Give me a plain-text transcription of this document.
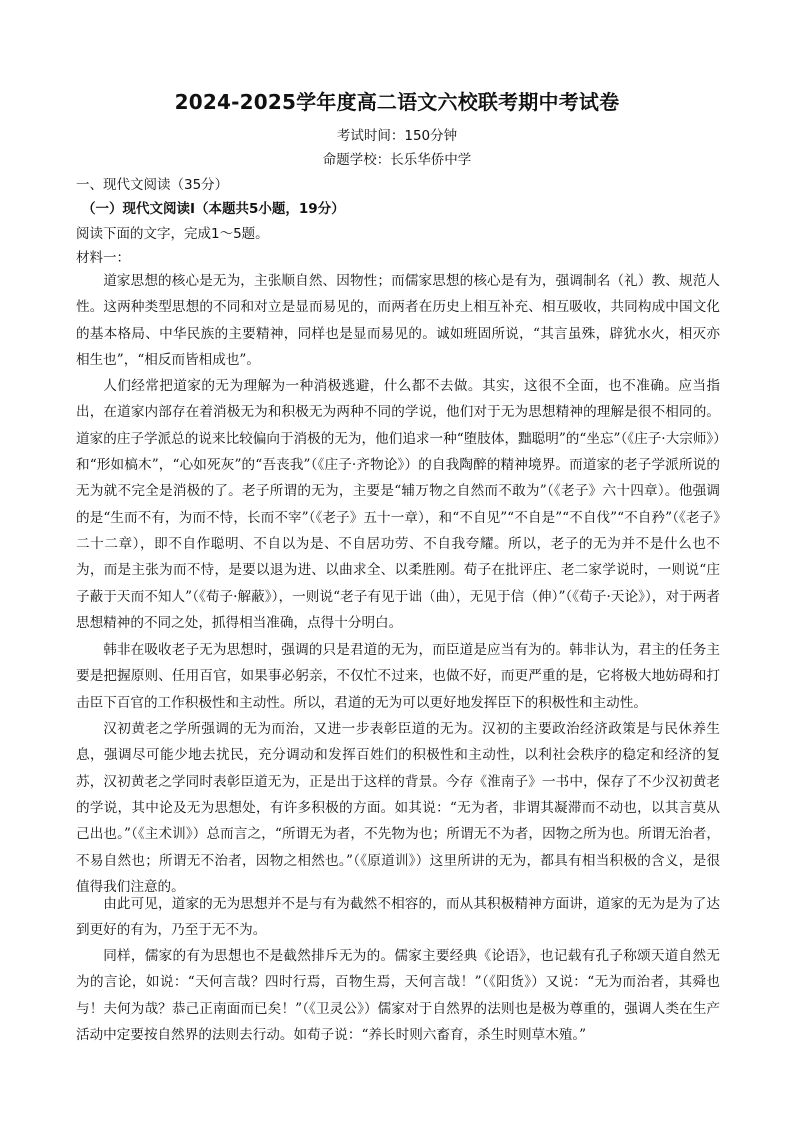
2024-2025学年度高二语文六校联考期中考试卷
考试时间：150分钟
命题学校：长乐华侨中学
一、现代文阅读（35分）
（一）现代文阅读Ⅰ（本题共5小题，19分）
阅读下面的文字，完成1～5题。
材料一：
道家思想的核心是无为，主张顺自然、因物性；而儒家思想的核心是有为，强调制名（礼）教、规范人性。这两种类型思想的不同和对立是显而易见的，而两者在历史上相互补充、相互吸收，共同构成中国文化的基本格局、中华民族的主要精神，同样也是显而易见的。诚如班固所说，“其言虽殊，辟犹水火，相灭亦相生也”，“相反而皆相成也”。
人们经常把道家的无为理解为一种消极逃避，什么都不去做。其实，这很不全面，也不准确。应当指出，在道家内部存在着消极无为和积极无为两种不同的学说，他们对于无为思想精神的理解是很不相同的。道家的庄子学派总的说来比较偏向于消极的无为，他们追求一种“堕肢体，黜聪明”的“坐忘”（《庄子·大宗师》）和“形如槁木”，“心如死灰”的“吾丧我”（《庄子·齐物论》）的自我陶醉的精神境界。而道家的老子学派所说的无为就不完全是消极的了。老子所谓的无为，主要是“辅万物之自然而不敢为”（《老子》六十四章）。他强调的是“生而不有，为而不恃，长而不宰”（《老子》五十一章），和“不自见”“不自是”“不自伐”“不自矜”（《老子》二十二章），即不自作聪明、不自以为是、不自居功劳、不自我夸耀。所以，老子的无为并不是什么也不为，而是主张为而不恃，是要以退为进、以曲求全、以柔胜刚。荀子在批评庄、老二家学说时，一则说“庄子蔽于天而不知人”（《荀子·解蔽》），一则说“老子有见于诎（曲），无见于信（伸）”（《荀子·天论》），对于两者思想精神的不同之处，抓得相当准确，点得十分明白。
韩非在吸收老子无为思想时，强调的只是君道的无为，而臣道是应当有为的。韩非认为，君主的任务主要是把握原则、任用百官，如果事必躬亲，不仅忙不过来，也做不好，而更严重的是，它将极大地妨碍和打击臣下百官的工作积极性和主动性。所以，君道的无为可以更好地发挥臣下的积极性和主动性。
汉初黄老之学所强调的无为而治，又进一步表彰臣道的无为。汉初的主要政治经济政策是与民休养生息，强调尽可能少地去扰民，充分调动和发挥百姓们的积极性和主动性，以利社会秩序的稳定和经济的复苏，汉初黄老之学同时表彰臣道无为，正是出于这样的背景。今存《淮南子》一书中，保存了不少汉初黄老的学说，其中论及无为思想处，有许多积极的方面。如其说：“无为者，非谓其凝滞而不动也，以其言莫从己出也。”（《主术训》）总而言之，“所谓无为者，不先物为也；所谓无不为者，因物之所为也。所谓无治者，不易自然也；所谓无不治者，因物之相然也。”（《原道训》）这里所讲的无为，都具有相当积极的含义，是很值得我们注意的。
由此可见，道家的无为思想并不是与有为截然不相容的，而从其积极精神方面讲，道家的无为是为了达到更好的有为，乃至于无不为。
同样，儒家的有为思想也不是截然排斥无为的。儒家主要经典《论语》，也记载有孔子称颂天道自然无为的言论，如说：“天何言哉？四时行焉，百物生焉，天何言哉！”（《阳货》）又说：“无为而治者，其舜也与！夫何为哉？恭己正南面而已矣！”（《卫灵公》）儒家对于自然界的法则也是极为尊重的，强调人类在生产活动中定要按自然界的法则去行动。如荀子说：“养长时则六畜育，杀生时则草木殖。”
